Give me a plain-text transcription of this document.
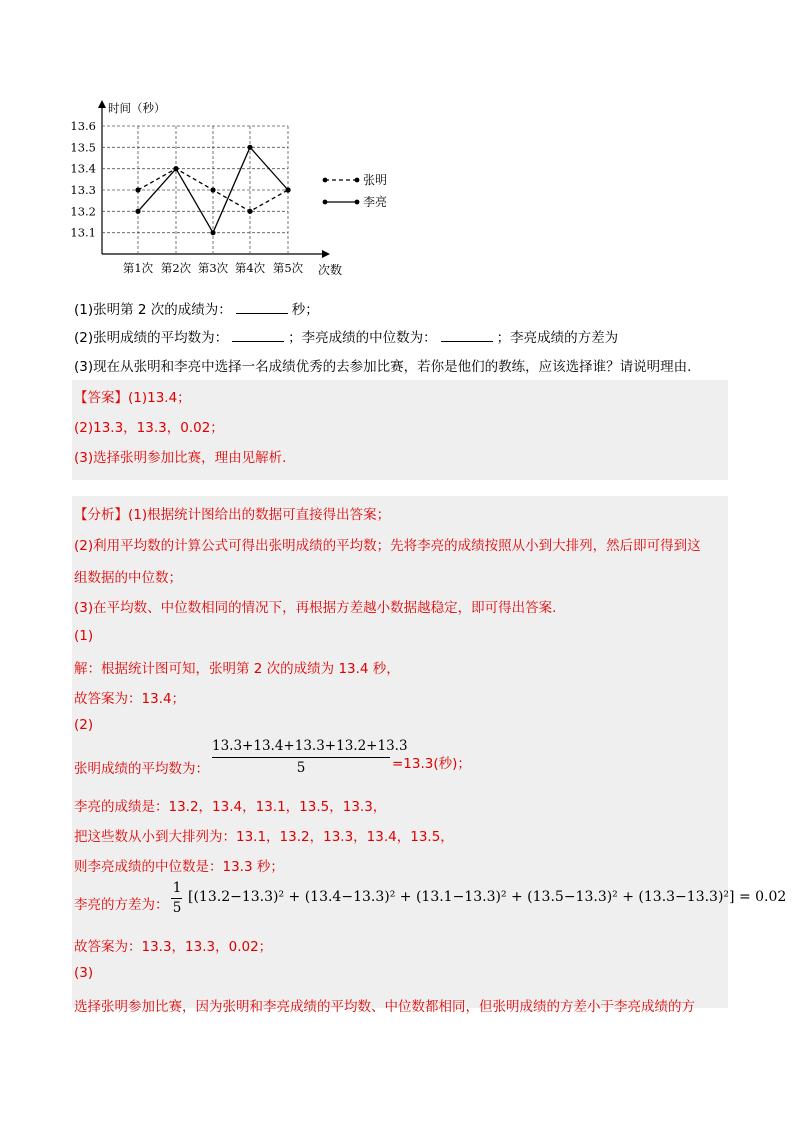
13.6
13.5
13.4
13.3
13.2
13.1
时间（秒）
第1次 第2次 第3次 第4次 第5次 次数
张明
李亮
(1)张明第 2 次的成绩为：	秒；
(2)张明成绩的平均数为：	；李亮成绩的中位数为：	；李亮成绩的方差为
(3)现在从张明和李亮中选择一名成绩优秀的去参加比赛，若你是他们的教练，应该选择谁？请说明理由.
【答案】(1)13.4；
(2)13.3，13.3，0.02；
(3)选择张明参加比赛，理由见解析.
【分析】(1)根据统计图给出的数据可直接得出答案；
(2)利用平均数的计算公式可得出张明成绩的平均数；先将李亮的成绩按照从小到大排列，然后即可得到这
组数据的中位数；
(3)在平均数、中位数相同的情况下，再根据方差越小数据越稳定，即可得出答案.
(1)
解：根据统计图可知，张明第 2 次的成绩为 13.4 秒，
故答案为：13.4；
(2)
张明成绩的平均数为：
13.3+13.4+13.3+13.2+13.3
5	=13.3(秒)；
李亮的成绩是：13.2，13.4，13.1，13.5，13.3，
把这些数从小到大排列为：13.1，13.2，13.3，13.4，13.5，
则李亮成绩的中位数是：13.3 秒；
李亮的方差为：
1
5
[(13.2−13.3)² + (13.4−13.3)² + (13.1−13.3)² + (13.5−13.3)² + (13.3−13.3)²] = 0.02
故答案为：13.3，13.3，0.02；
(3)
选择张明参加比赛，因为张明和李亮成绩的平均数、中位数都相同，但张明成绩的方差小于李亮成绩的方
